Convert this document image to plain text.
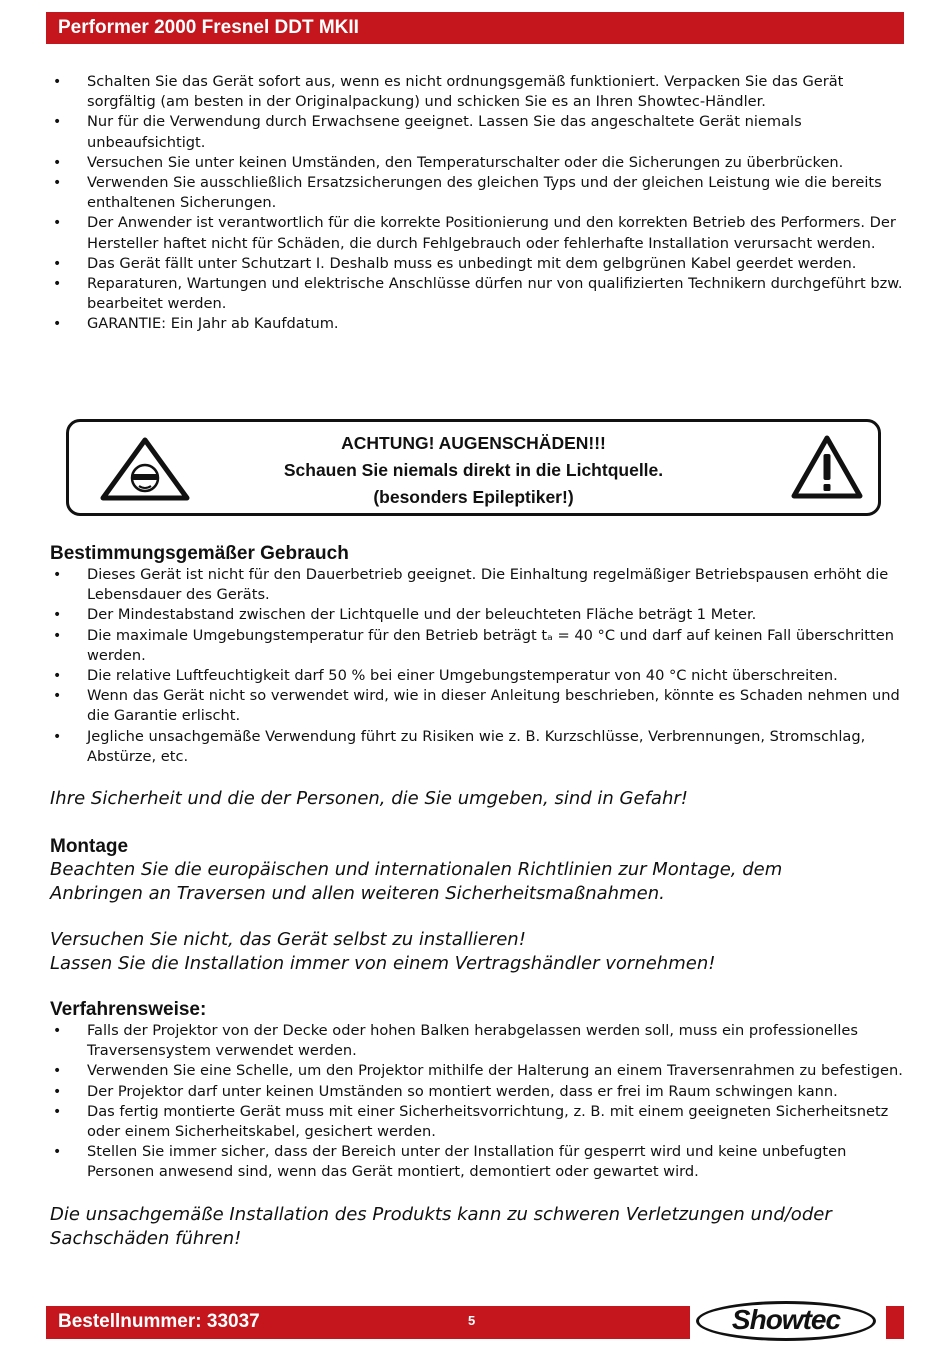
Performer 2000 Fresnel DDT MKII
• Schalten Sie das Gerät sofort aus, wenn es nicht ordnungsgemäß funktioniert. Verpacken Sie das Gerät sorgfältig (am besten in der Originalpackung) und schicken Sie es an Ihren Showtec-Händler.
• Nur für die Verwendung durch Erwachsene geeignet. Lassen Sie das angeschaltete Gerät niemals unbeaufsichtigt.
• Versuchen Sie unter keinen Umständen, den Temperaturschalter oder die Sicherungen zu überbrücken.
• Verwenden Sie ausschließlich Ersatzsicherungen des gleichen Typs und der gleichen Leistung wie die bereits enthaltenen Sicherungen.
• Der Anwender ist verantwortlich für die korrekte Positionierung und den korrekten Betrieb des Performers. Der Hersteller haftet nicht für Schäden, die durch Fehlgebrauch oder fehlerhafte Installation verursacht werden.
• Das Gerät fällt unter Schutzart I. Deshalb muss es unbedingt mit dem gelbgrünen Kabel geerdet werden.
• Reparaturen, Wartungen und elektrische Anschlüsse dürfen nur von qualifizierten Technikern durchgeführt bzw. bearbeitet werden.
• GARANTIE: Ein Jahr ab Kaufdatum.
ACHTUNG! AUGENSCHÄDEN!!!
Schauen Sie niemals direkt in die Lichtquelle.
(besonders Epileptiker!)
Bestimmungsgemäßer Gebrauch
• Dieses Gerät ist nicht für den Dauerbetrieb geeignet. Die Einhaltung regelmäßiger Betriebspausen erhöht die Lebensdauer des Geräts.
• Der Mindestabstand zwischen der Lichtquelle und der beleuchteten Fläche beträgt 1 Meter.
• Die maximale Umgebungstemperatur für den Betrieb beträgt tₐ = 40 °C und darf auf keinen Fall überschritten werden.
• Die relative Luftfeuchtigkeit darf 50 % bei einer Umgebungstemperatur von 40 °C nicht überschreiten.
• Wenn das Gerät nicht so verwendet wird, wie in dieser Anleitung beschrieben, könnte es Schaden nehmen und die Garantie erlischt.
• Jegliche unsachgemäße Verwendung führt zu Risiken wie z. B. Kurzschlüsse, Verbrennungen, Stromschlag, Abstürze, etc.

Ihre Sicherheit und die der Personen, die Sie umgeben, sind in Gefahr!

Montage

Beachten Sie die europäischen und internationalen Richtlinien zur Montage, dem

Anbringen an Traversen und allen weiteren Sicherheitsmaßnahmen.

Versuchen Sie nicht, das Gerät selbst zu installieren!

Lassen Sie die Installation immer von einem Vertragshändler vornehmen!

Verfahrensweise:
• Falls der Projektor von der Decke oder hohen Balken herabgelassen werden soll, muss ein professionelles Traversensystem verwendet werden.
• Verwenden Sie eine Schelle, um den Projektor mithilfe der Halterung an einem Traversenrahmen zu befestigen.
• Der Projektor darf unter keinen Umständen so montiert werden, dass er frei im Raum schwingen kann.
• Das fertig montierte Gerät muss mit einer Sicherheitsvorrichtung, z. B. mit einem geeigneten Sicherheitsnetz oder einem Sicherheitskabel, gesichert werden.
• Stellen Sie immer sicher, dass der Bereich unter der Installation für gesperrt wird und keine unbefugten Personen anwesend sind, wenn das Gerät montiert, demontiert oder gewartet wird.

Die unsachgemäße Installation des Produkts kann zu schweren Verletzungen und/oder

Sachschäden führen!

Bestellnummer: 33037	5	Showtec
